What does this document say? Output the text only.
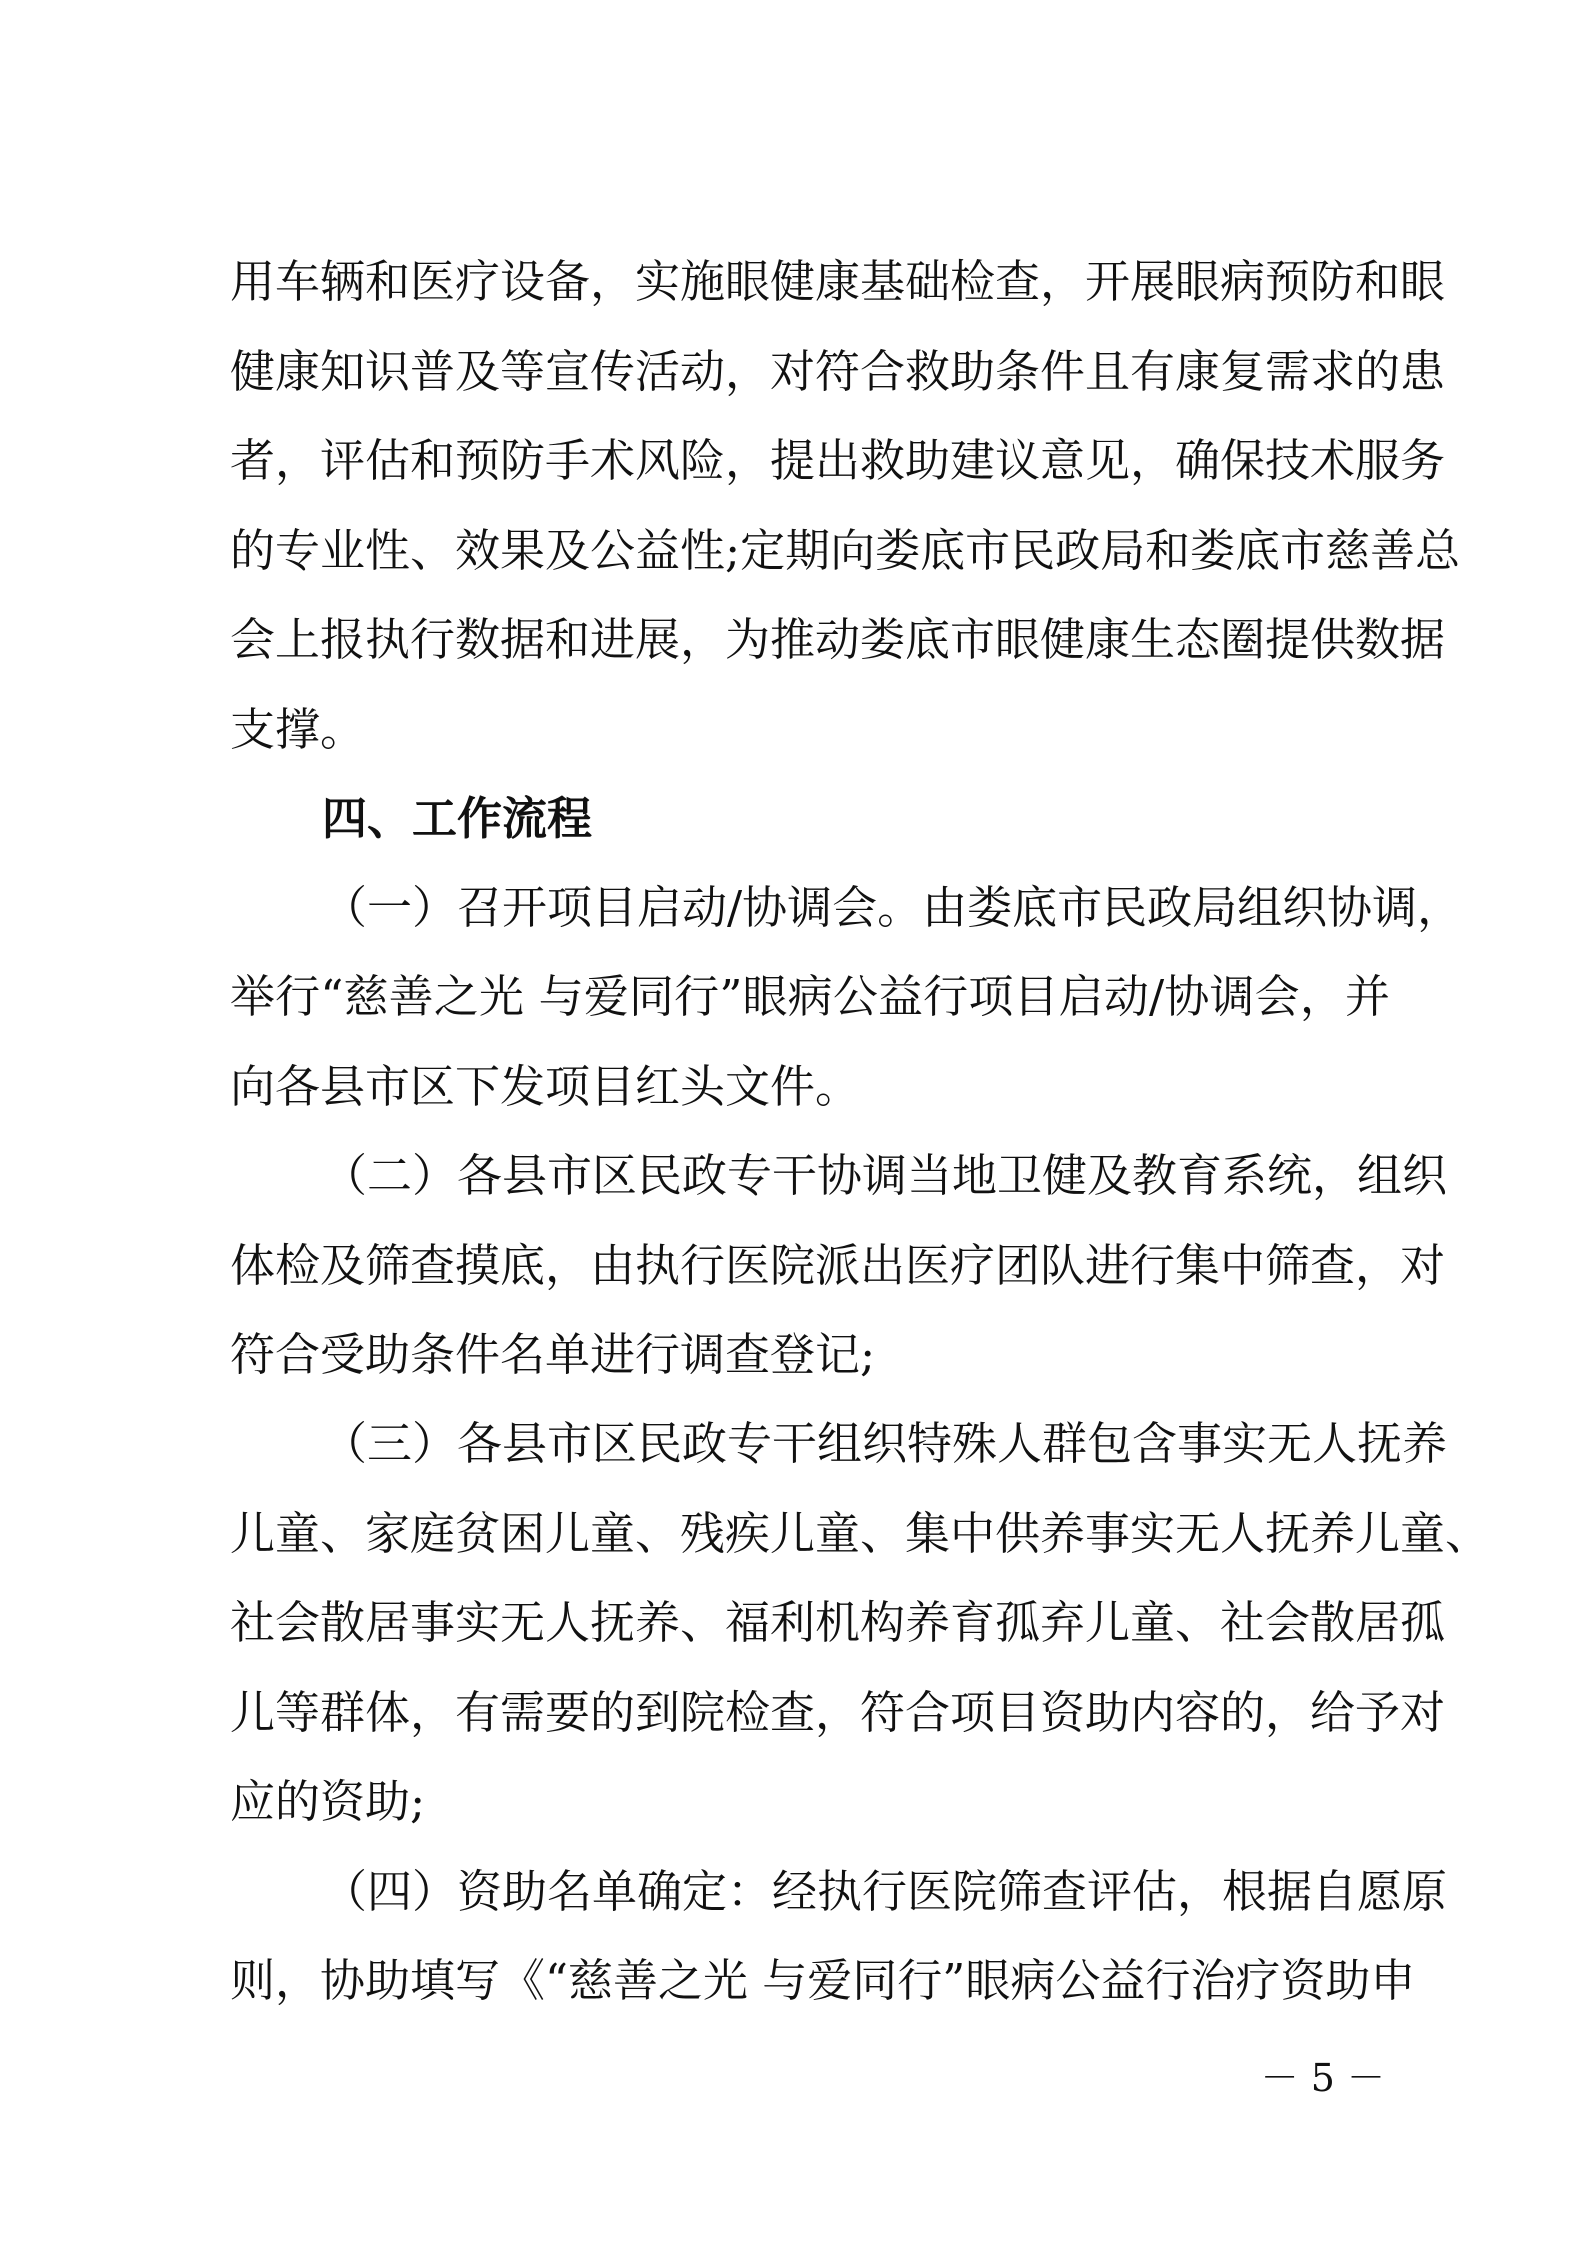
用车辆和医疗设备，实施眼健康基础检查，开展眼病预防和眼
健康知识普及等宣传活动，对符合救助条件且有康复需求的患
者，评估和预防手术风险，提出救助建议意见，确保技术服务
的专业性、效果及公益性;定期向娄底市民政局和娄底市慈善总
会上报执行数据和进展，为推动娄底市眼健康生态圈提供数据
支撑。
四、工作流程
（一）召开项目启动/协调会。由娄底市民政局组织协调，
举行“慈善之光 与爱同行”眼病公益行项目启动/协调会，并
向各县市区下发项目红头文件。
（二）各县市区民政专干协调当地卫健及教育系统，组织
体检及筛查摸底，由执行医院派出医疗团队进行集中筛查，对
符合受助条件名单进行调查登记;
（三）各县市区民政专干组织特殊人群包含事实无人抚养
儿童、家庭贫困儿童、残疾儿童、集中供养事实无人抚养儿童、
社会散居事实无人抚养、福利机构养育孤弃儿童、社会散居孤
儿等群体，有需要的到院检查，符合项目资助内容的，给予对
应的资助;
（四）资助名单确定：经执行医院筛查评估，根据自愿原
则，协助填写《“慈善之光 与爱同行”眼病公益行治疗资助申
－ 5 －
